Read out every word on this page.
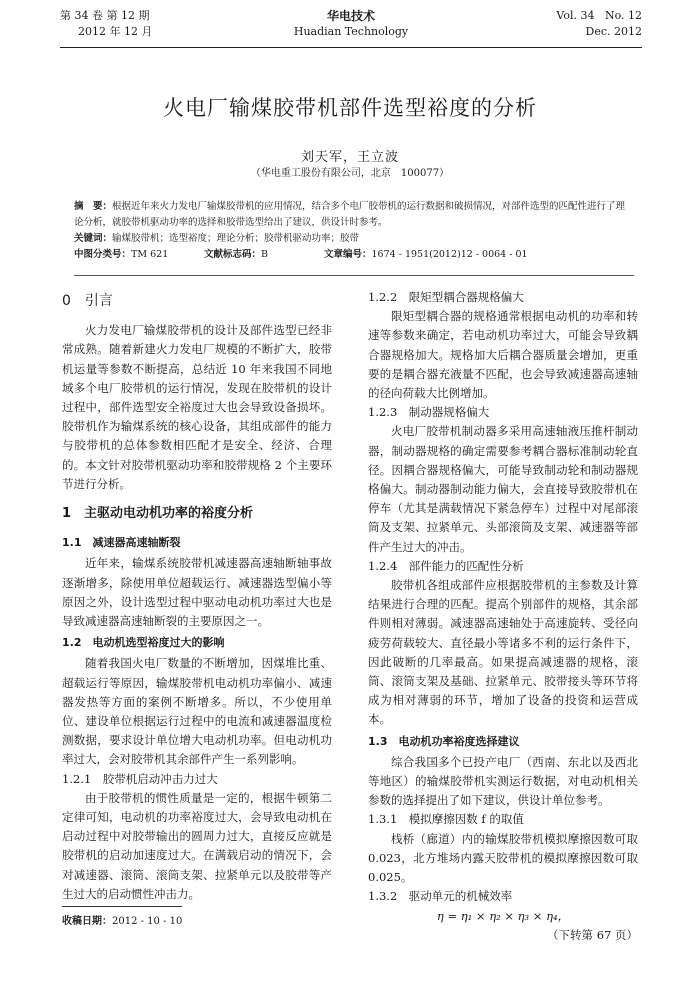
第 34 卷 第 12 期
2012 年 12 月
华电技术
Huadian Technology
Vol. 34   No. 12
Dec. 2012
火电厂输煤胶带机部件选型裕度的分析
刘天军，王立波
（华电重工股份有限公司，北京　100077）
摘　要：根据近年来火力发电厂输煤胶带机的应用情况，结合多个电厂胶带机的运行数据和破损情况，对部件选型的匹配性进行了理论分析，就胶带机驱动功率的选择和胶带选型给出了建议，供设计时参考。
关键词：输煤胶带机；选型裕度；理论分析；胶带机驱动功率；胶带
中图分类号：TM 621	文献标志码：B	文章编号：1674 - 1951(2012)12 - 0064 - 01
0　引言

火力发电厂输煤胶带机的设计及部件选型已经非常成熟。随着新建火力发电厂规模的不断扩大，胶带机运量等参数不断提高，总结近 10 年来我国不同地域多个电厂胶带机的运行情况，发现在胶带机的设计过程中，部件选型安全裕度过大也会导致设备损坏。胶带机作为输煤系统的核心设备，其组成部件的能力与胶带机的总体参数相匹配才是安全、经济、合理的。本文针对胶带机驱动功率和胶带规格 2 个主要环节进行分析。

1　主驱动电动机功率的裕度分析
1.1　减速器高速轴断裂

近年来，输煤系统胶带机减速器高速轴断轴事故逐渐增多，除使用单位超载运行、减速器选型偏小等原因之外，设计选型过程中驱动电动机功率过大也是导致减速器高速轴断裂的主要原因之一。

1.2　电动机选型裕度过大的影响

随着我国火电厂数量的不断增加，因煤堆比重、超载运行等原因，输煤胶带机电动机功率偏小、减速器发热等方面的案例不断增多。所以，不少使用单位、建设单位根据运行过程中的电流和减速器温度检测数据，要求设计单位增大电动机功率。但电动机功率过大，会对胶带机其余部件产生一系列影响。

1.2.1　胶带机启动冲击力过大

由于胶带机的惯性质量是一定的，根据牛顿第二定律可知，电动机的功率裕度过大，会导致电动机在启动过程中对胶带输出的圆周力过大，直接反应就是胶带机的启动加速度过大。在满载启动的情况下，会对减速器、滚筒、滚筒支架、拉紧单元以及胶带等产生过大的启动惯性冲击力。

1.2.2　限矩型耦合器规格偏大

限矩型耦合器的规格通常根据电动机的功率和转速等参数来确定，若电动机功率过大，可能会导致耦合器规格加大。规格加大后耦合器质量会增加，更重要的是耦合器充液量不匹配，也会导致减速器高速轴的径向荷载大比例增加。

1.2.3　制动器规格偏大

火电厂胶带机制动器多采用高速轴液压推杆制动器，制动器规格的确定需要参考耦合器标准制动轮直径。因耦合器规格偏大，可能导致制动轮和制动器规格偏大。制动器制动能力偏大，会直接导致胶带机在停车（尤其是满载情况下紧急停车）过程中对尾部滚筒及支架、拉紧单元、头部滚筒及支架、减速器等部件产生过大的冲击。

1.2.4　部件能力的匹配性分析

胶带机各组成部件应根据胶带机的主参数及计算结果进行合理的匹配。提高个别部件的规格，其余部件则相对薄弱。减速器高速轴处于高速旋转、受径向疲劳荷载较大、直径最小等诸多不利的运行条件下，因此破断的几率最高。如果提高减速器的规格，滚筒、滚筒支架及基础、拉紧单元、胶带接头等环节将成为相对薄弱的环节，增加了设备的投资和运营成本。

1.3　电动机功率裕度选择建议

综合我国多个已投产电厂（西南、东北以及西北等地区）的输煤胶带机实测运行数据，对电动机相关参数的选择提出了如下建议，供设计单位参考。

1.3.1　模拟摩擦因数 f 的取值

栈桥（廊道）内的输煤胶带机模拟摩擦因数可取 0.023，北方堆场内露天胶带机的模拟摩擦因数可取 0.025。

1.3.2　驱动单元的机械效率
η = η₁ × η₂ × η₃ × η₄，
（下转第 67 页）
收稿日期：2012 - 10 - 10
